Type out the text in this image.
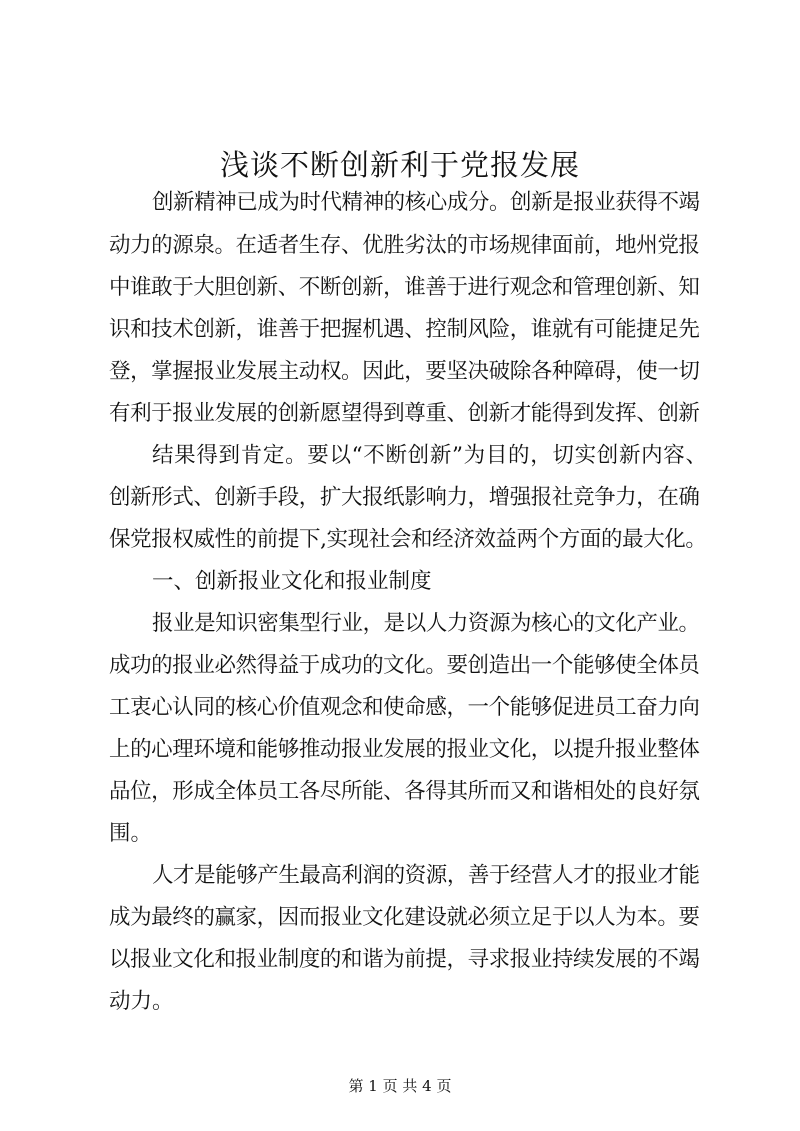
浅谈不断创新利于党报发展
创新精神已成为时代精神的核心成分。创新是报业获得不竭
动力的源泉。在适者生存、优胜劣汰的市场规律面前，地州党报
中谁敢于大胆创新、不断创新，谁善于进行观念和管理创新、知
识和技术创新，谁善于把握机遇、控制风险，谁就有可能捷足先
登，掌握报业发展主动权。因此，要坚决破除各种障碍，使一切
有利于报业发展的创新愿望得到尊重、创新才能得到发挥、创新
结果得到肯定。要以“不断创新”为目的，切实创新内容、
创新形式、创新手段，扩大报纸影响力，增强报社竞争力，在确
保党报权威性的前提下,实现社会和经济效益两个方面的最大化。
一、创新报业文化和报业制度
报业是知识密集型行业，是以人力资源为核心的文化产业。
成功的报业必然得益于成功的文化。要创造出一个能够使全体员
工衷心认同的核心价值观念和使命感，一个能够促进员工奋力向
上的心理环境和能够推动报业发展的报业文化，以提升报业整体
品位，形成全体员工各尽所能、各得其所而又和谐相处的良好氛
围。
人才是能够产生最高利润的资源，善于经营人才的报业才能
成为最终的赢家，因而报业文化建设就必须立足于以人为本。要
以报业文化和报业制度的和谐为前提，寻求报业持续发展的不竭
动力。
第 1 页 共 4 页
